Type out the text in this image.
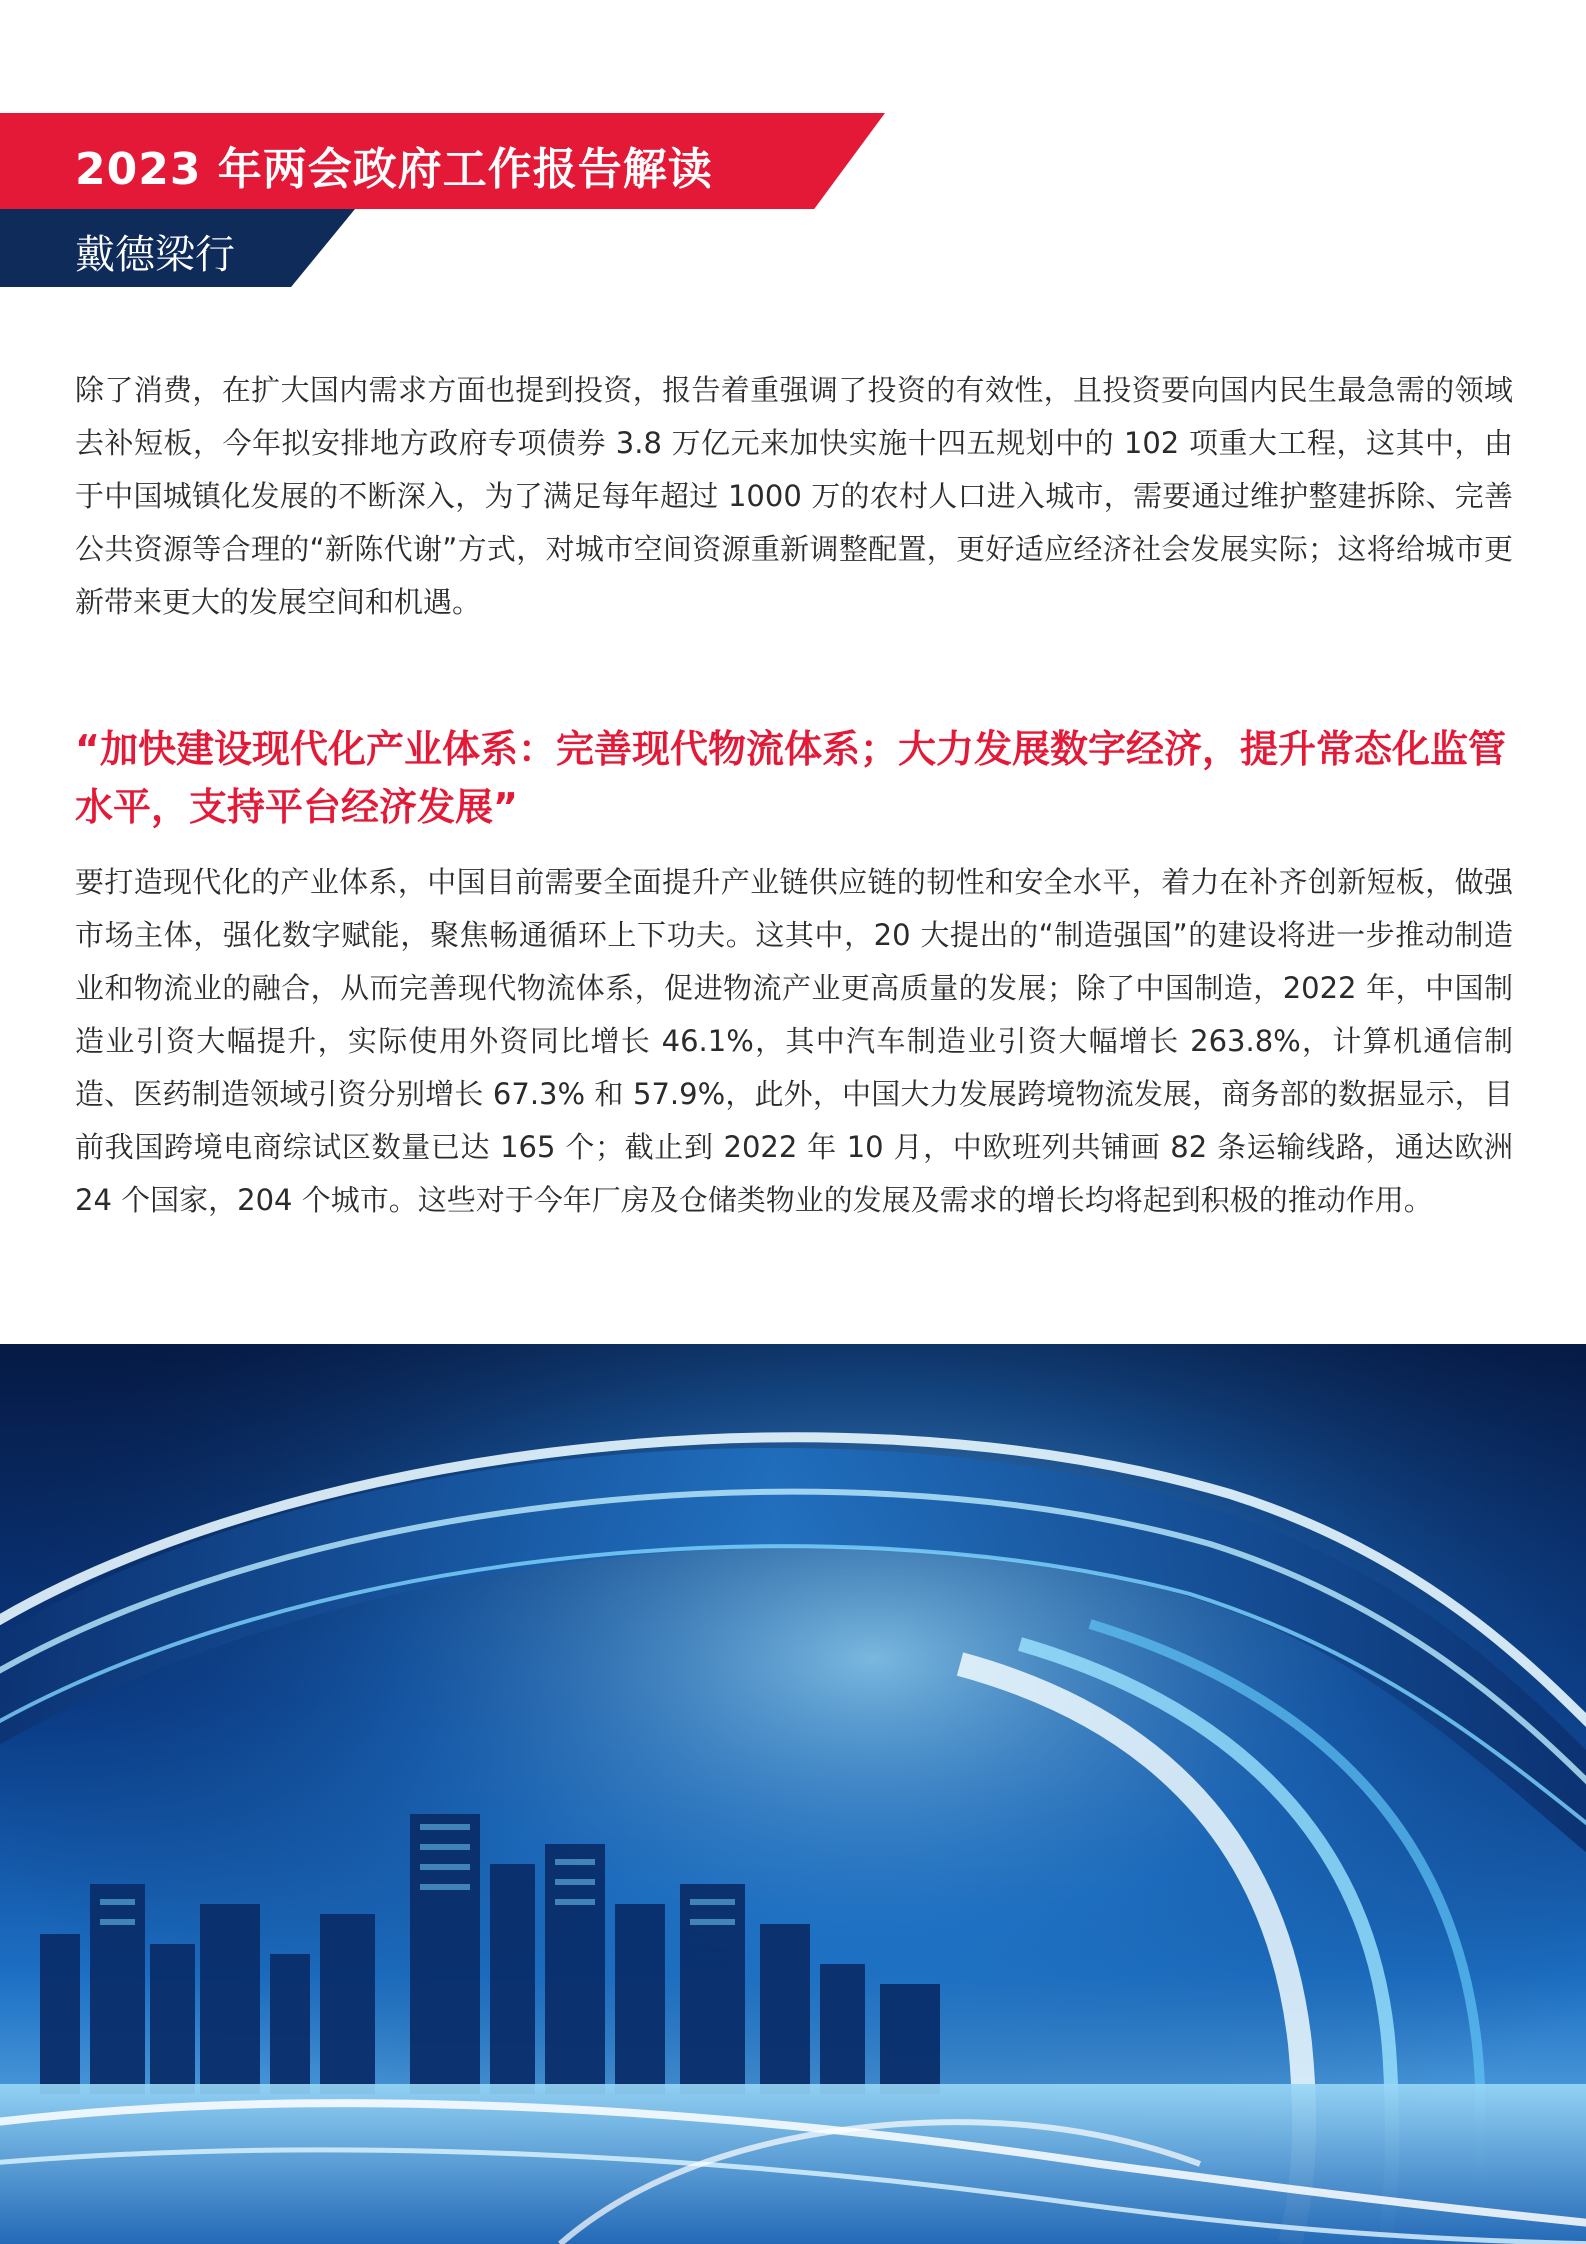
2023 年两会政府工作报告解读
戴德梁行

除了消费，在扩大国内需求方面也提到投资，报告着重强调了投资的有效性，且投资要向国内民生最急需的领域去补短板，今年拟安排地方政府专项债券 3.8 万亿元来加快实施十四五规划中的 102 项重大工程，这其中，由于中国城镇化发展的不断深入，为了满足每年超过 1000 万的农村人口进入城市，需要通过维护整建拆除、完善公共资源等合理的“新陈代谢”方式，对城市空间资源重新调整配置，更好适应经济社会发展实际；这将给城市更新带来更大的发展空间和机遇。

“加快建设现代化产业体系：完善现代物流体系；大力发展数字经济，提升常态化监管水平，支持平台经济发展”

要打造现代化的产业体系，中国目前需要全面提升产业链供应链的韧性和安全水平，着力在补齐创新短板，做强市场主体，强化数字赋能，聚焦畅通循环上下功夫。这其中，20 大提出的“制造强国”的建设将进一步推动制造业和物流业的融合，从而完善现代物流体系，促进物流产业更高质量的发展；除了中国制造，2022 年，中国制造业引资大幅提升，实际使用外资同比增长 46.1%，其中汽车制造业引资大幅增长 263.8%，计算机通信制造、医药制造领域引资分别增长 67.3% 和 57.9%，此外，中国大力发展跨境物流发展，商务部的数据显示，目前我国跨境电商综试区数量已达 165 个；截止到 2022 年 10 月，中欧班列共铺画 82 条运输线路，通达欧洲 24 个国家，204 个城市。这些对于今年厂房及仓储类物业的发展及需求的增长均将起到积极的推动作用。
